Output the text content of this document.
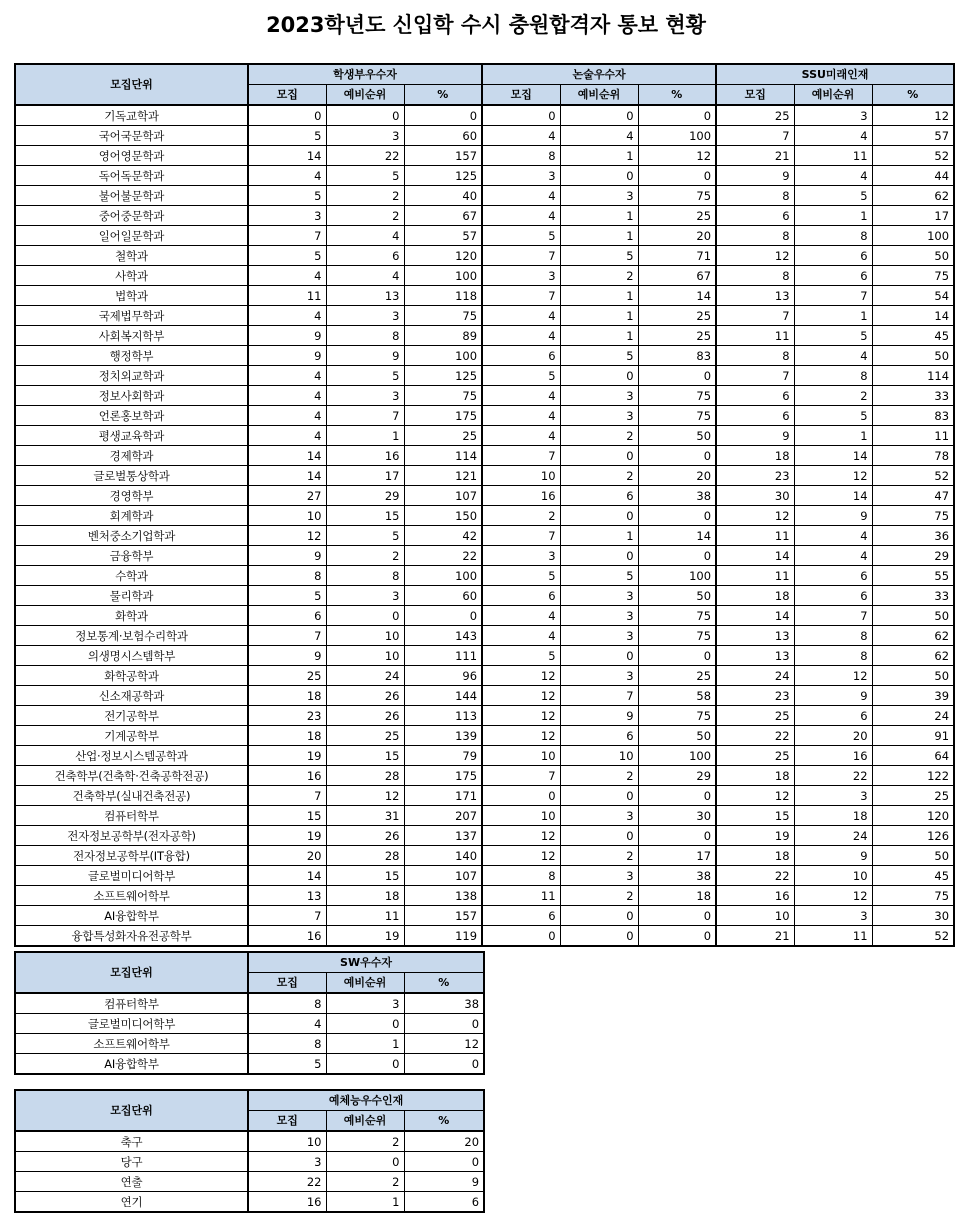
2023학년도 신입학 수시 충원합격자 통보 현황
모집단위	학생부우수자			논술우수자			SSU미래인재		
	모집	예비순위	%	모집	예비순위	%	모집	예비순위	%
기독교학과	0	0	0	0	0	0	25	3	12
국어국문학과	5	3	60	4	4	100	7	4	57
영어영문학과	14	22	157	8	1	12	21	11	52
독어독문학과	4	5	125	3	0	0	9	4	44
불어불문학과	5	2	40	4	3	75	8	5	62
중어중문학과	3	2	67	4	1	25	6	1	17
일어일문학과	7	4	57	5	1	20	8	8	100
철학과	5	6	120	7	5	71	12	6	50
사학과	4	4	100	3	2	67	8	6	75
법학과	11	13	118	7	1	14	13	7	54
국제법무학과	4	3	75	4	1	25	7	1	14
사회복지학부	9	8	89	4	1	25	11	5	45
행정학부	9	9	100	6	5	83	8	4	50
정치외교학과	4	5	125	5	0	0	7	8	114
정보사회학과	4	3	75	4	3	75	6	2	33
언론홍보학과	4	7	175	4	3	75	6	5	83
평생교육학과	4	1	25	4	2	50	9	1	11
경제학과	14	16	114	7	0	0	18	14	78
글로벌통상학과	14	17	121	10	2	20	23	12	52
경영학부	27	29	107	16	6	38	30	14	47
회계학과	10	15	150	2	0	0	12	9	75
벤처중소기업학과	12	5	42	7	1	14	11	4	36
금융학부	9	2	22	3	0	0	14	4	29
수학과	8	8	100	5	5	100	11	6	55
물리학과	5	3	60	6	3	50	18	6	33
화학과	6	0	0	4	3	75	14	7	50
정보통계·보험수리학과	7	10	143	4	3	75	13	8	62
의생명시스템학부	9	10	111	5	0	0	13	8	62
화학공학과	25	24	96	12	3	25	24	12	50
신소재공학과	18	26	144	12	7	58	23	9	39
전기공학부	23	26	113	12	9	75	25	6	24
기계공학부	18	25	139	12	6	50	22	20	91
산업·정보시스템공학과	19	15	79	10	10	100	25	16	64
건축학부(건축학·건축공학전공)	16	28	175	7	2	29	18	22	122
건축학부(실내건축전공)	7	12	171	0	0	0	12	3	25
컴퓨터학부	15	31	207	10	3	30	15	18	120
전자정보공학부(전자공학)	19	26	137	12	0	0	19	24	126
전자정보공학부(IT융합)	20	28	140	12	2	17	18	9	50
글로벌미디어학부	14	15	107	8	3	38	22	10	45
소프트웨어학부	13	18	138	11	2	18	16	12	75
AI융합학부	7	11	157	6	0	0	10	3	30
융합특성화자유전공학부	16	19	119	0	0	0	21	11	52
모집단위	SW우수자		
	모집	예비순위	%
컴퓨터학부	8	3	38
글로벌미디어학부	4	0	0
소프트웨어학부	8	1	12
AI융합학부	5	0	0
모집단위	예체능우수인재		
	모집	예비순위	%
축구	10	2	20
당구	3	0	0
연출	22	2	9
연기	16	1	6
